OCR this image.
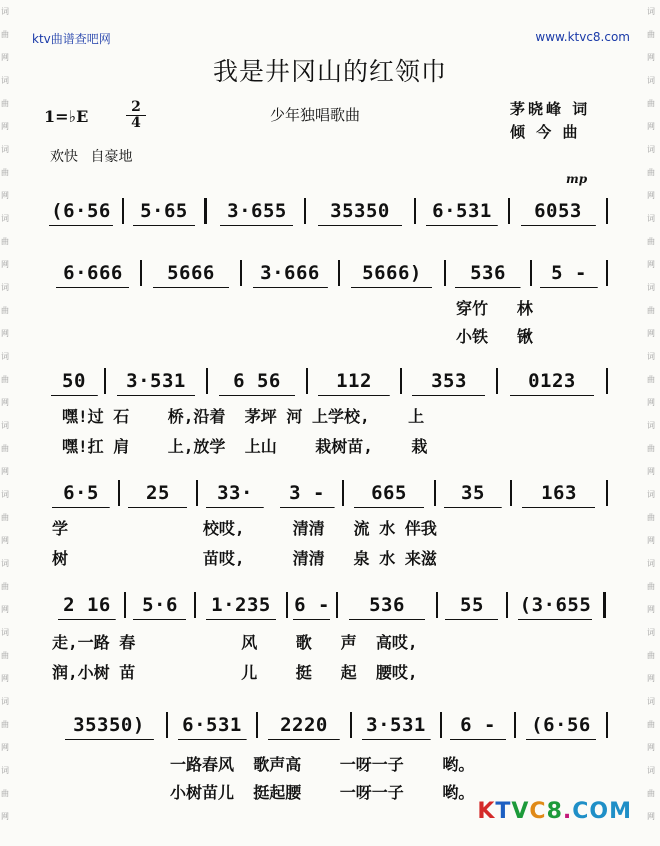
词
曲
网
词
曲
网
词
曲
网
词
曲
网
词
曲
网
词
曲
网
词
曲
网
词
曲
网
词
曲
网
词
曲
网
词
曲
网
词
曲
网
词
曲
网
词
曲
网
词
曲
网
词
曲
网
词
曲
网
词
曲
网
词
曲
网
词
曲
网
词
曲
网
词
曲
网
词
曲
网
词
曲
网
ktv曲谱查吧网	www.ktvc8.com
我是井冈山的红领巾
1=♭E	2
4	少年独唱歌曲	茅晓峰 词
倾 今 曲
欢快 自豪地
(6·56	5·65	3·655	35350	6·531	6053
mp
6·666	5666	3·666	5666)	536	5 -
穿竹   林
小铁   锹
50	3·531	6 56	112	353	0123
嘿!过 石    桥,沿着  茅坪 河 上学校,    上
嘿!扛 肩    上,放学  上山    栽树苗,    栽
6·5	25	33·	3 -	665	35	163
学              校哎,     清清   流 水 伴我
树              苗哎,     清清   泉 水 来滋
2 16	5·6	1·235	6 -	536	55	(3·655
走,一路 春           风    歌   声  高哎,
润,小树 苗           儿    挺   起  腰哎,
35350)	6·531	2220	3·531	6 -	(6·56
一路春风  歌声高    一呀一子    哟。
小树苗儿  挺起腰    一呀一子    哟。
KTVC8.COM
